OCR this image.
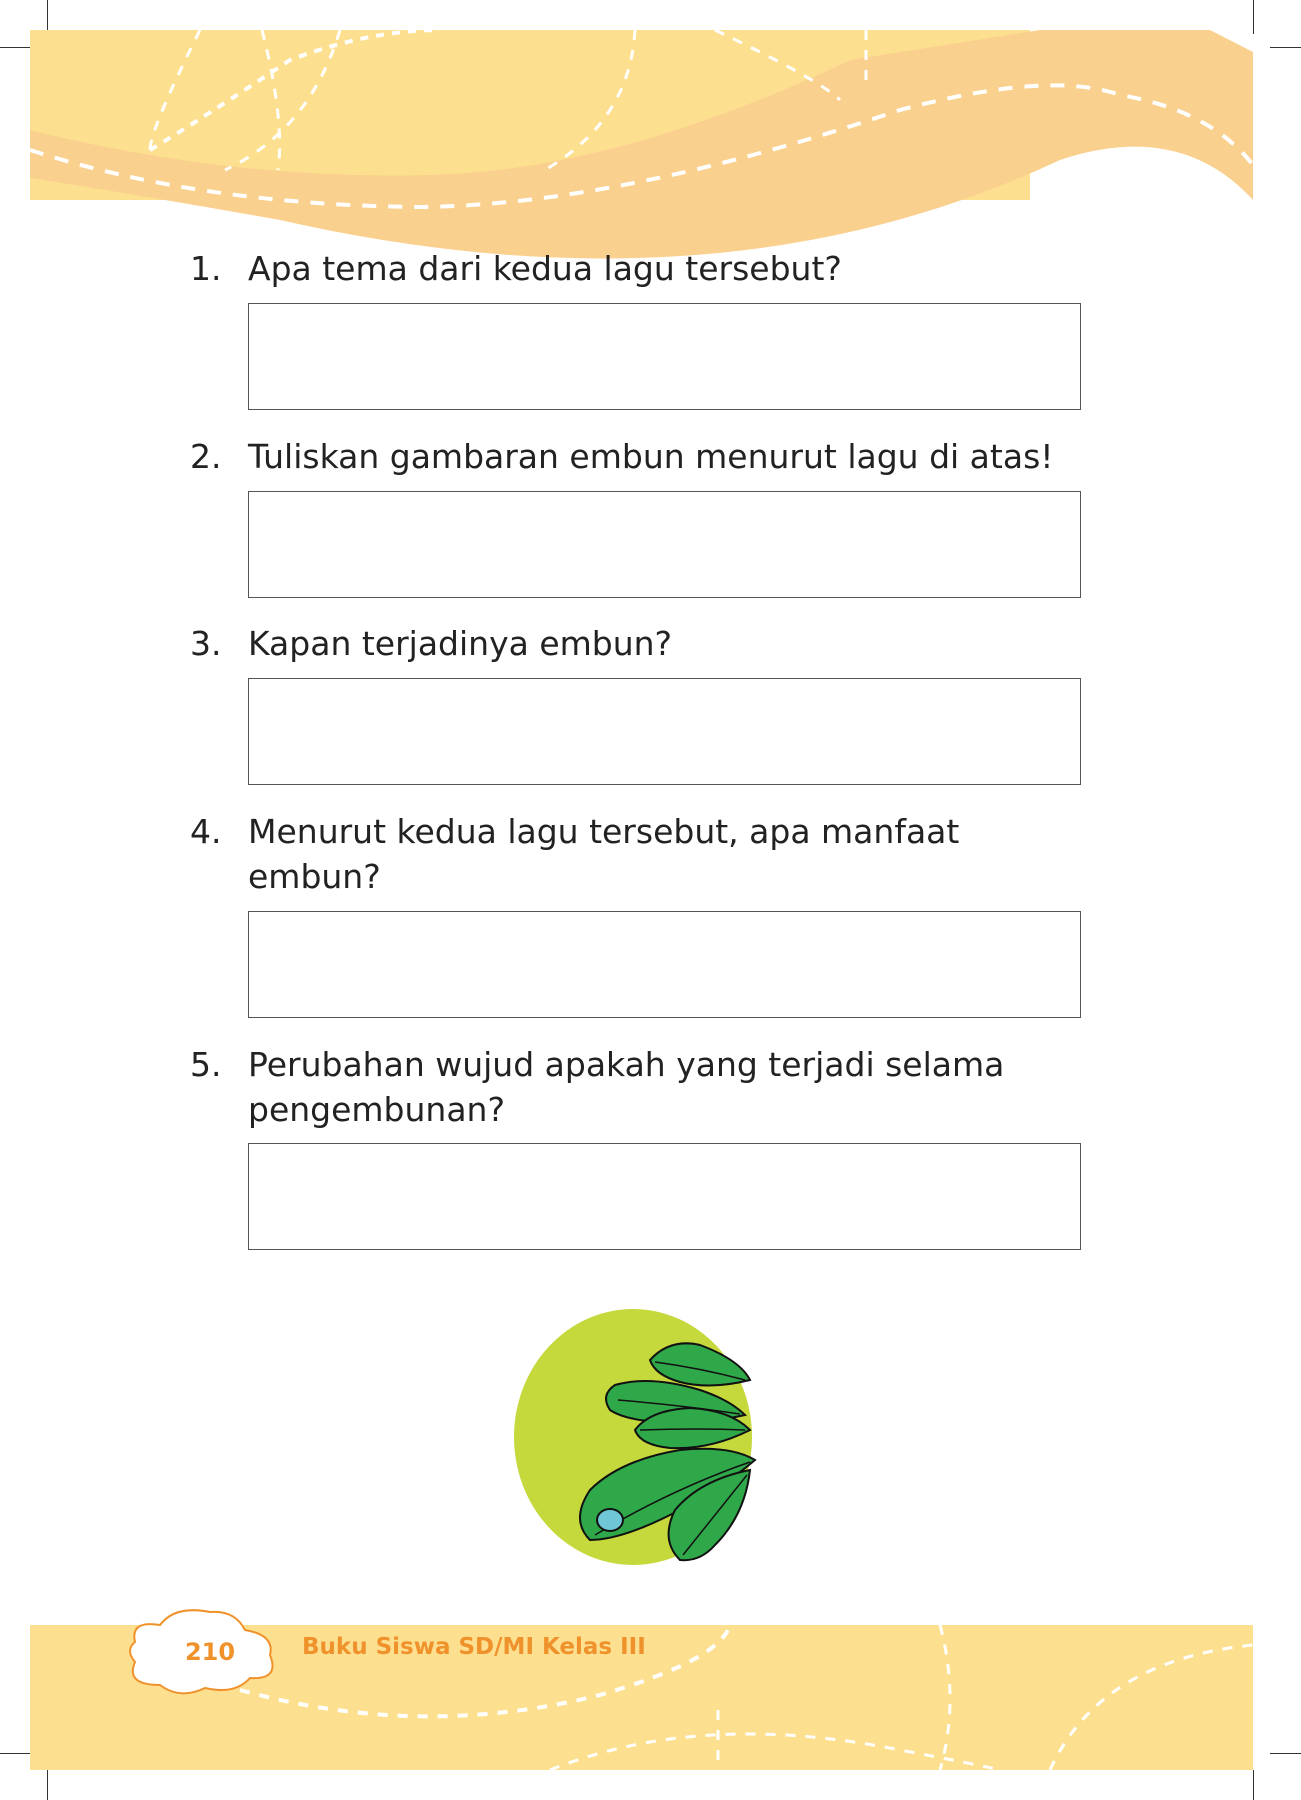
1. Apa tema dari kedua lagu tersebut?
2. Tuliskan gambaran embun menurut lagu di atas!
3. Kapan terjadinya embun?
4. Menurut kedua lagu tersebut, apa manfaat embun?
5. Perubahan wujud apakah yang terjadi selama pengembunan?
210	Buku Siswa SD/MI Kelas III
